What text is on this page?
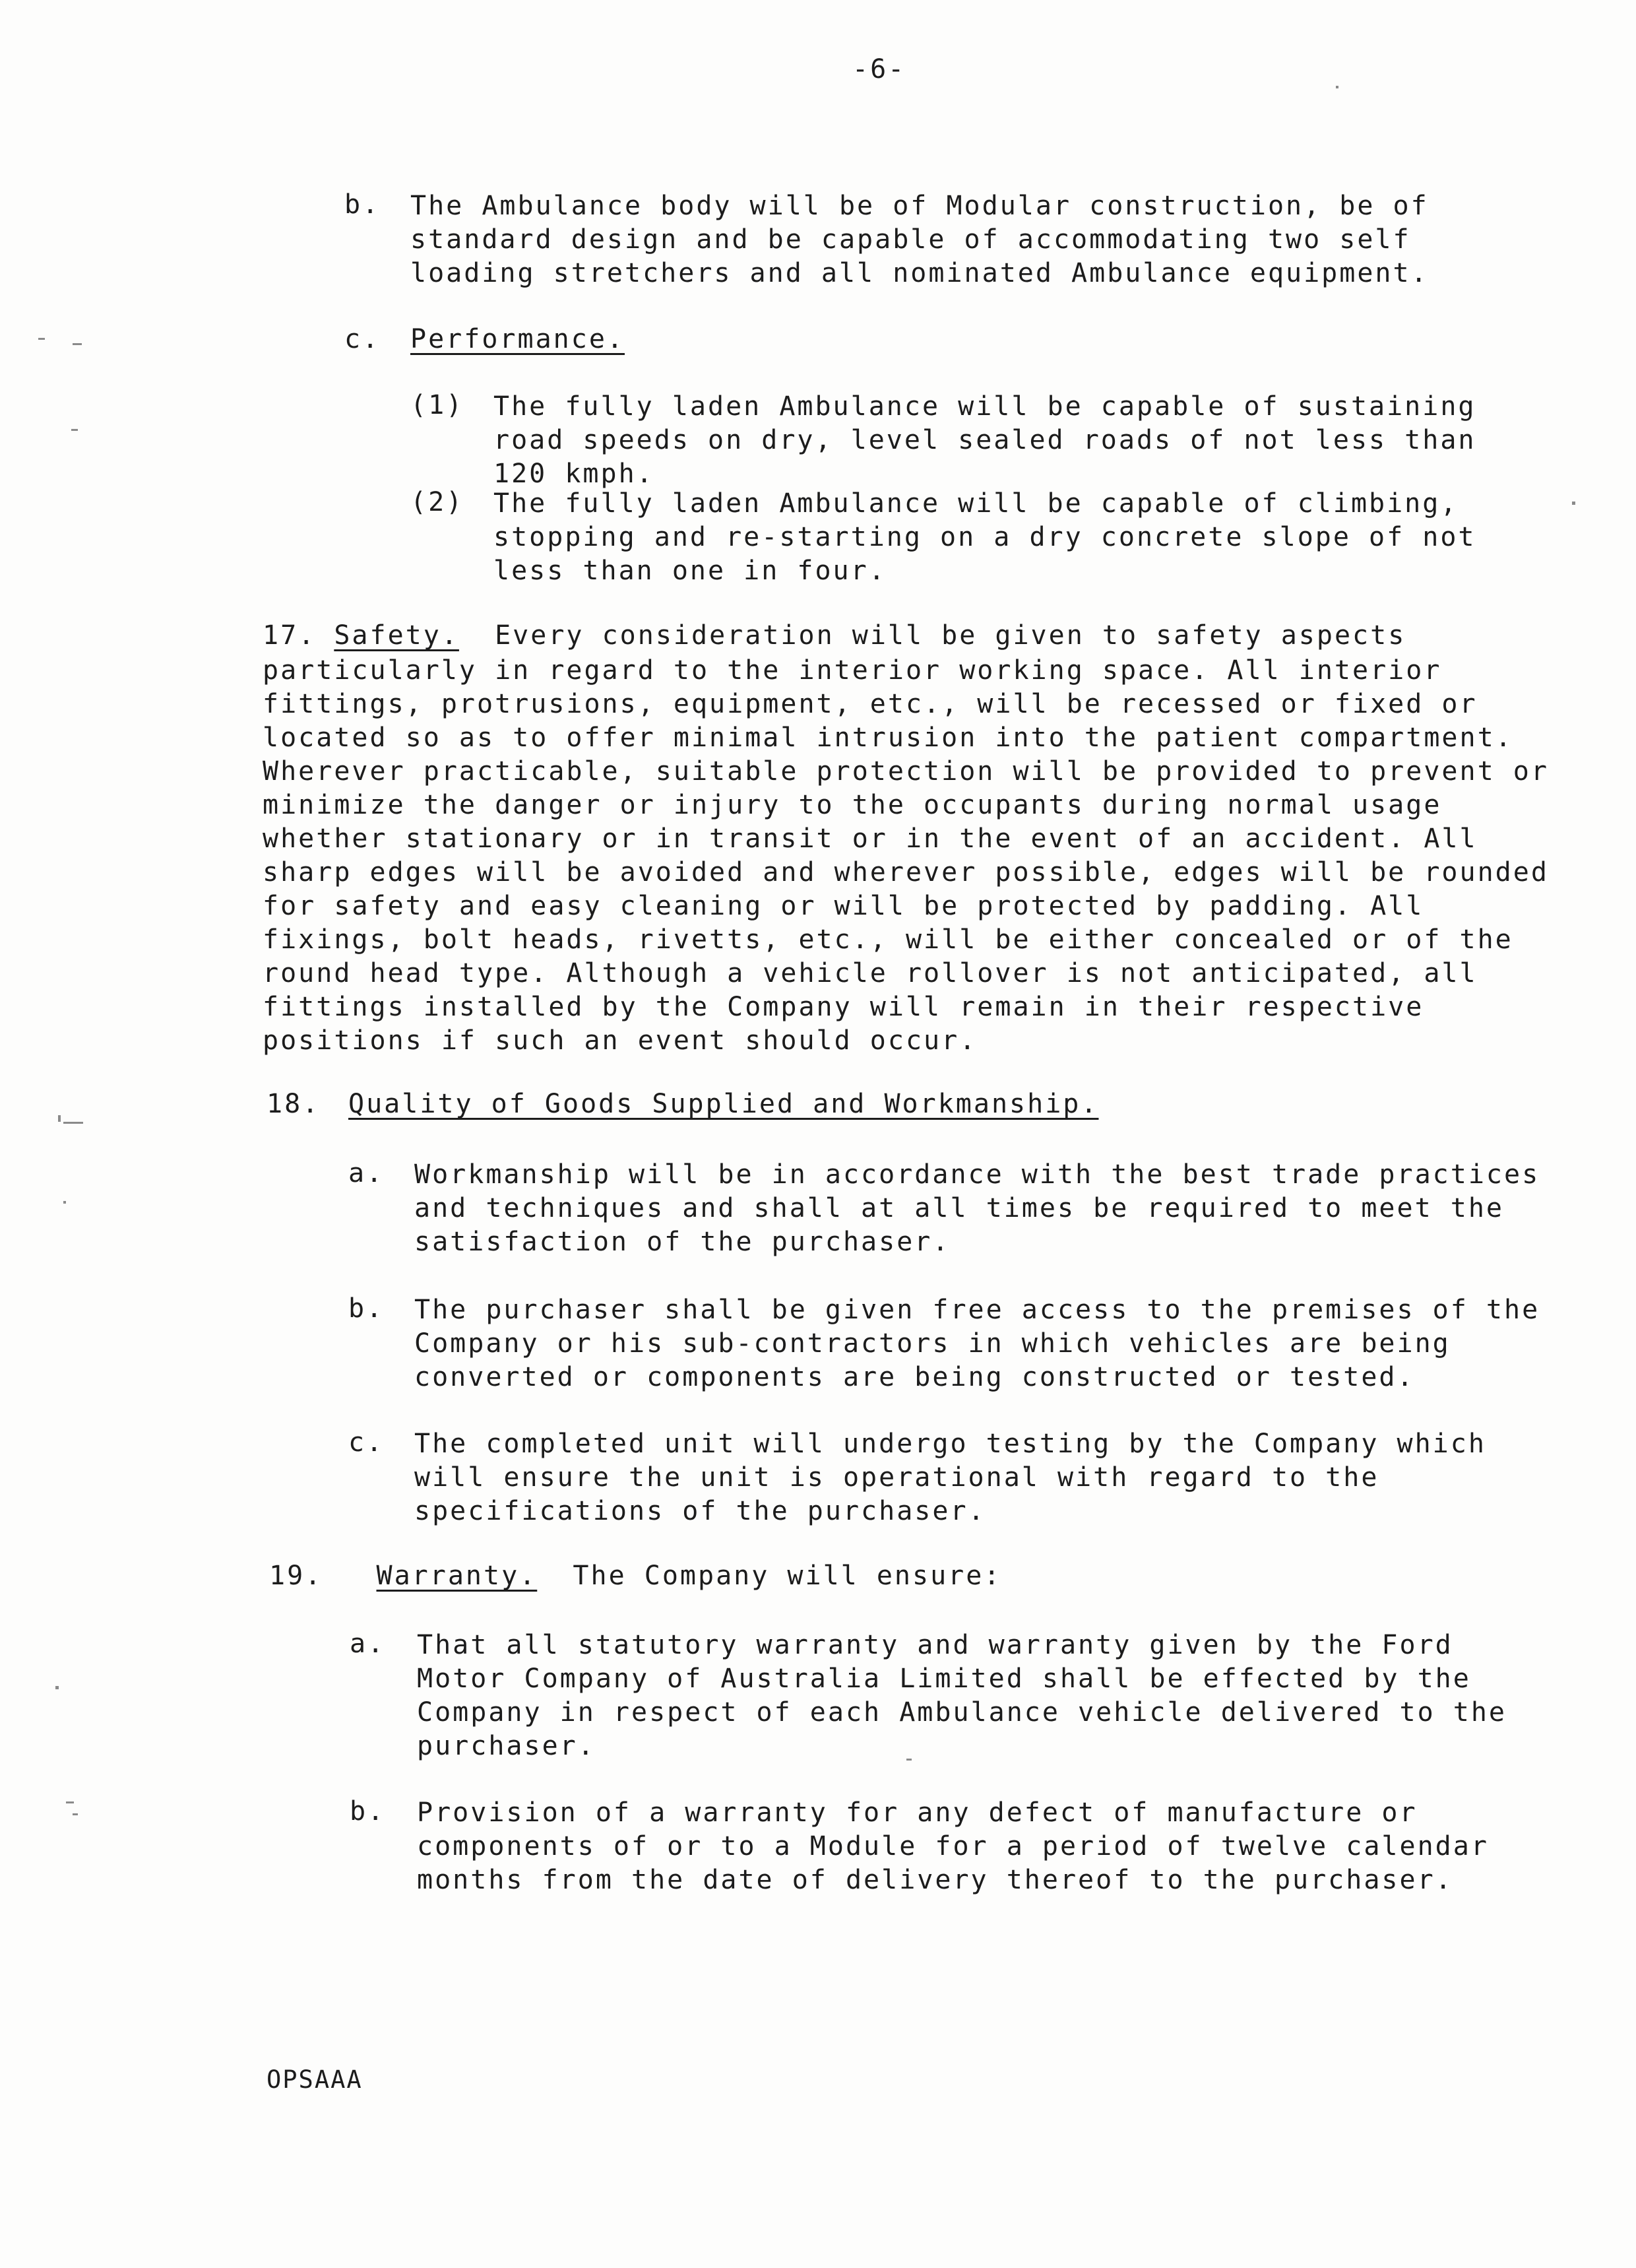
-6-
b. The Ambulance body will be of Modular construction, be of
standard design and be capable of accommodating two self
loading stretchers and all nominated Ambulance equipment.
c. Performance.
(1) The fully laden Ambulance will be capable of sustaining
road speeds on dry, level sealed roads of not less than
120 kmph.
(2) The fully laden Ambulance will be capable of climbing,
stopping and re-starting on a dry concrete slope of not
less than one in four.
17. Safety. Every consideration will be given to safety aspects
particularly in regard to the interior working space. All interior
fittings, protrusions, equipment, etc., will be recessed or fixed or
located so as to offer minimal intrusion into the patient compartment.
Wherever practicable, suitable protection will be provided to prevent or
minimize the danger or injury to the occupants during normal usage
whether stationary or in transit or in the event of an accident. All
sharp edges will be avoided and wherever possible, edges will be rounded
for safety and easy cleaning or will be protected by padding. All
fixings, bolt heads, rivetts, etc., will be either concealed or of the
round head type. Although a vehicle rollover is not anticipated, all
fittings installed by the Company will remain in their respective
positions if such an event should occur.
18. Quality of Goods Supplied and Workmanship.
a. Workmanship will be in accordance with the best trade practices
and techniques and shall at all times be required to meet the
satisfaction of the purchaser.
b. The purchaser shall be given free access to the premises of the
Company or his sub-contractors in which vehicles are being
converted or components are being constructed or tested.
c. The completed unit will undergo testing by the Company which
will ensure the unit is operational with regard to the
specifications of the purchaser.
19. Warranty. The Company will ensure:
a. That all statutory warranty and warranty given by the Ford
Motor Company of Australia Limited shall be effected by the
Company in respect of each Ambulance vehicle delivered to the
purchaser.
b. Provision of a warranty for any defect of manufacture or
components of or to a Module for a period of twelve calendar
months from the date of delivery thereof to the purchaser.
OPSAAA
